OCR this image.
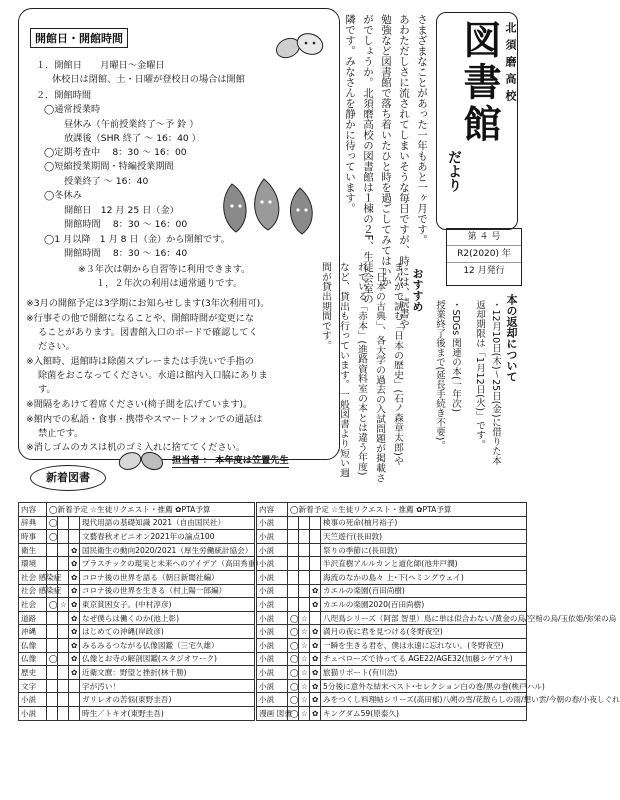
開館日・開館時間
１．開館日　　月曜日～金曜日
休校日は閉館、土・日曜が登校日の場合は開館
２．開館時間
◯通常授業時
昼休み（午前授業終了～予 鈴 ）
放課後（SHR 終了 ～ 16：40 ）
◯定期考査中　 8：30 ～ 16：00
◯短縮授業期間・特編授業期間
授業終了 ～ 16：40
◯冬休み
開館日　12 月 25 日（金）
開館時間　 8：30 ～ 16：00
◯1 月以降　1 月 8 日（金）から開館です。
開館時間　 8：30 ～ 16：40
※３年次は朝から自習等に利用できます。
１，２年次の利用は通常通りです。
※3月の開館予定は3学期にお知らせします(3年次利用可)。
※行事その他で開館になることや、開館時間が変更にな
ることがあります。図書館入口のボードで確認してく
ださい。
※入館時、退館時は除菌スプレーまたは手洗いで手指の
除菌をおこなってください。水道は館内入口脇にありま
す。
※間隔をあけて着席ください(椅子間を広げています)。
※館内での私語・食事・携帯やスマートフォンでの通話は
禁止です。
※消しゴムのカスは机のゴミ入れに捨ててください。
担当者 ： 本年度は笠置先生
さまざまなことがあった一年もあと一ヶ月です。
あわただしさに流されてしまいそうな毎日ですが、時には、読書や
勉強など図書館で落ち着いたひと時を過ごしてみてはいか
がでしょうか。北須磨高校の図書館は１棟の２F、生徒会室の
隣です。みなさんを静かに待っています。	北須磨高校
図書館
だより
第 ４ 号
R2(2020) 年
12 月発行
本の返却について
・12月10日(木)～25日(金)に借りた本
返却期限は「1月12日(火)」です。
・SDGs 関連の本(一年次)
授業終了後まで(延長手続き不要)。
おすすめ
まんがで読む「日本の歴史」(石ノ森章太郎)や
「日本の古典」、各大学の過去の入試問題が掲載さ
れている「赤本」(進路資料室の本とは違う年度)
など、貸出も行っています。一般図書より短い週
間が貸出期間です。
新着図書
内容	◯新着予定 ☆生徒リクエスト・推薦 ✿PTA予算				内容	◯新着予定 ☆生徒リクエスト・推薦 ✿PTA予算			
辞典	◯			現代用語の基礎知識 2021（自由国民社）	小説				検事の死命(柚月裕子)
時事	◯			文藝春秋オピニオン2021年の論点100	小説				天竺遊行(長田敦)
衛生			✿	国民衛生の動向2020/2021（厚生労働統計協会）	小説				祭りの季節に(長田敦)
環境			✿	プラスチックの現実と未来へのアイデア（高田秀重）	小説				半沢直樹アルルカンと道化師(池井戸潤)
社会 感染症			✿	コロナ後の世界を語る（朝日新聞社編）	小説				海流のなかの島々 上･下(ヘミングウェイ)
社会 感染症			✿	コロナ後の世界を生きる（村上陽一郎編）	小説			✿	カエルの楽園(百田尚樹)
社会	◯	☆	✿	東京貧困女子。(中村淳彦)	小説			✿	カエルの楽園2020(百田尚樹)
道路			✿	なぜ僕らは働くのか(池上彰)	小説	◯	☆		八咫鳥シリーズ（阿部 智里）鳥に単は似合わない/黄金の烏/空棺の烏/玉依姫/弥栄の烏
沖縄			✿	はじめての沖縄(岸政彦)	小説	◯	☆	✿	満月の夜に君を見つける(冬野夜空)
仏像			✿	みるみるつながる仏像図鑑（三宅久雄）	小説	◯	☆	✿	一瞬を生きる君を、僕は永遠に忘れない。(冬野夜空)
仏像	◯		✿	仏像とお寺の解剖図鑑(スタジオワーク)	小説	◯	☆	✿	チュベローズで待ってる AGE22/AGE32(加藤シゲアキ)
歴史			✿	近衛文麿：野望と挫折(林千勝)	小説	◯	☆	✿	旅猫リポート(有川浩)
文字				字が汚い！	小説	◯	☆	✿	5分後に意外な結末ベスト･セレクション白の巻/黒の巻(桃戸ハル)
小説				ガリレオの苦悩(東野圭吾)	小説	◯	☆	✿	みをつくし料理帖シリーズ(高田郁)八朔の雪/花散らしの雨/想い雲/今朝の春/小夜しぐれ
小説				時生／トキオ(東野圭吾)	漫画 図書	◯	☆	✿	キングダム59(原泰久)
